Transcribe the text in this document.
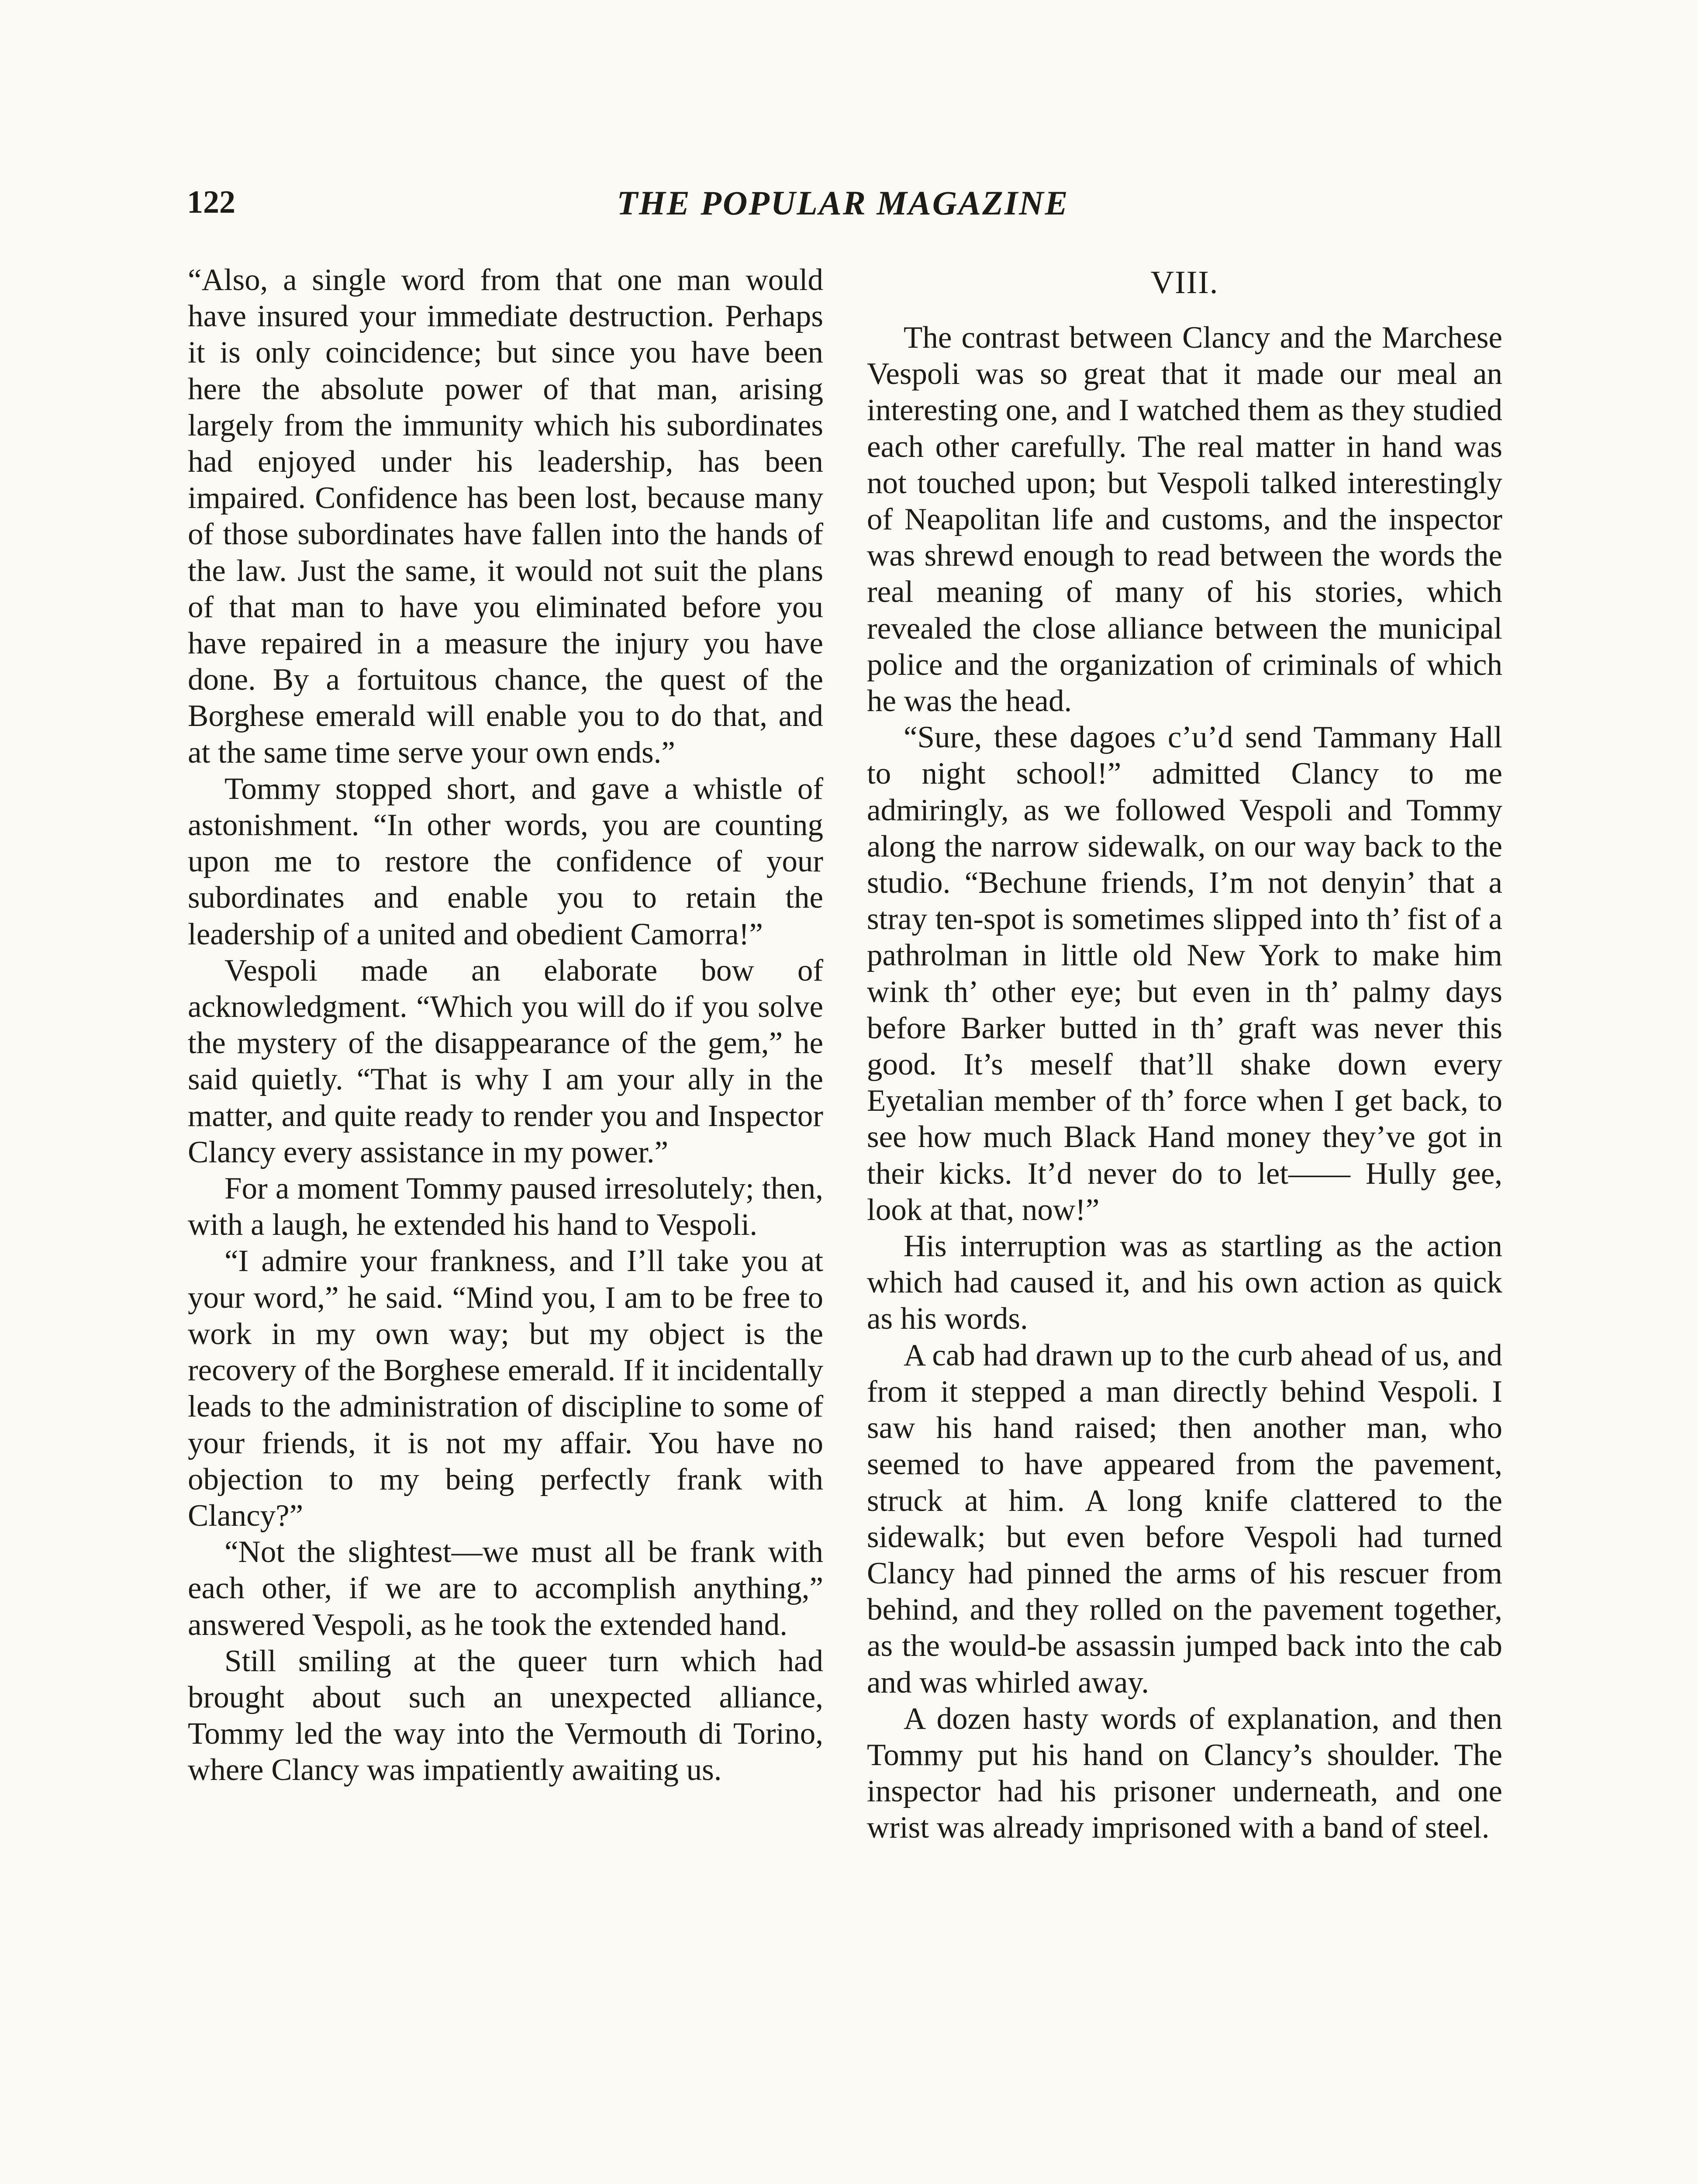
122	THE POPULAR MAGAZINE

“Also, a single word from that one man would have insured your immediate destruction. Perhaps it is only coincidence; but since you have been here the absolute power of that man, arising largely from the immunity which his subordinates had enjoyed under his leadership, has been impaired. Confidence has been lost, because many of those subordinates have fallen into the hands of the law. Just the same, it would not suit the plans of that man to have you eliminated before you have repaired in a measure the injury you have done. By a fortuitous chance, the quest of the Borghese emerald will enable you to do that, and at the same time serve your own ends.”

Tommy stopped short, and gave a whistle of astonishment. “In other words, you are counting upon me to restore the confidence of your subordinates and enable you to retain the leadership of a united and obedient Camorra!”

Vespoli made an elaborate bow of acknowledgment. “Which you will do if you solve the mystery of the disappearance of the gem,” he said quietly. “That is why I am your ally in the matter, and quite ready to render you and Inspector Clancy every assistance in my power.”

For a moment Tommy paused irresolutely; then, with a laugh, he extended his hand to Vespoli.

“I admire your frankness, and I’ll take you at your word,” he said. “Mind you, I am to be free to work in my own way; but my object is the recovery of the Borghese emerald. If it incidentally leads to the administration of discipline to some of your friends, it is not my affair. You have no objection to my being perfectly frank with Clancy?”

“Not the slightest—we must all be frank with each other, if we are to accomplish anything,” answered Vespoli, as he took the extended hand.

Still smiling at the queer turn which had brought about such an unexpected alliance, Tommy led the way into the Vermouth di Torino, where Clancy was impatiently awaiting us.

VIII.

The contrast between Clancy and the Marchese Vespoli was so great that it made our meal an interesting one, and I watched them as they studied each other carefully. The real matter in hand was not touched upon; but Vespoli talked interestingly of Neapolitan life and customs, and the inspector was shrewd enough to read between the words the real meaning of many of his stories, which revealed the close alliance between the municipal police and the organization of criminals of which he was the head.

“Sure, these dagoes c’u’d send Tammany Hall to night school!” admitted Clancy to me admiringly, as we followed Vespoli and Tommy along the narrow sidewalk, on our way back to the studio. “Bechune friends, I’m not denyin’ that a stray ten-spot is sometimes slipped into th’ fist of a pathrolman in little old New York to make him wink th’ other eye; but even in th’ palmy days before Barker butted in th’ graft was never this good. It’s meself that’ll shake down every Eyetalian member of th’ force when I get back, to see how much Black Hand money they’ve got in their kicks. It’d never do to let—— Hully gee, look at that, now!”

His interruption was as startling as the action which had caused it, and his own action as quick as his words.

A cab had drawn up to the curb ahead of us, and from it stepped a man directly behind Vespoli. I saw his hand raised; then another man, who seemed to have appeared from the pavement, struck at him. A long knife clattered to the sidewalk; but even before Vespoli had turned Clancy had pinned the arms of his rescuer from behind, and they rolled on the pavement together, as the would-be assassin jumped back into the cab and was whirled away.

A dozen hasty words of explanation, and then Tommy put his hand on Clancy’s shoulder. The inspector had his prisoner underneath, and one wrist was already imprisoned with a band of steel.
